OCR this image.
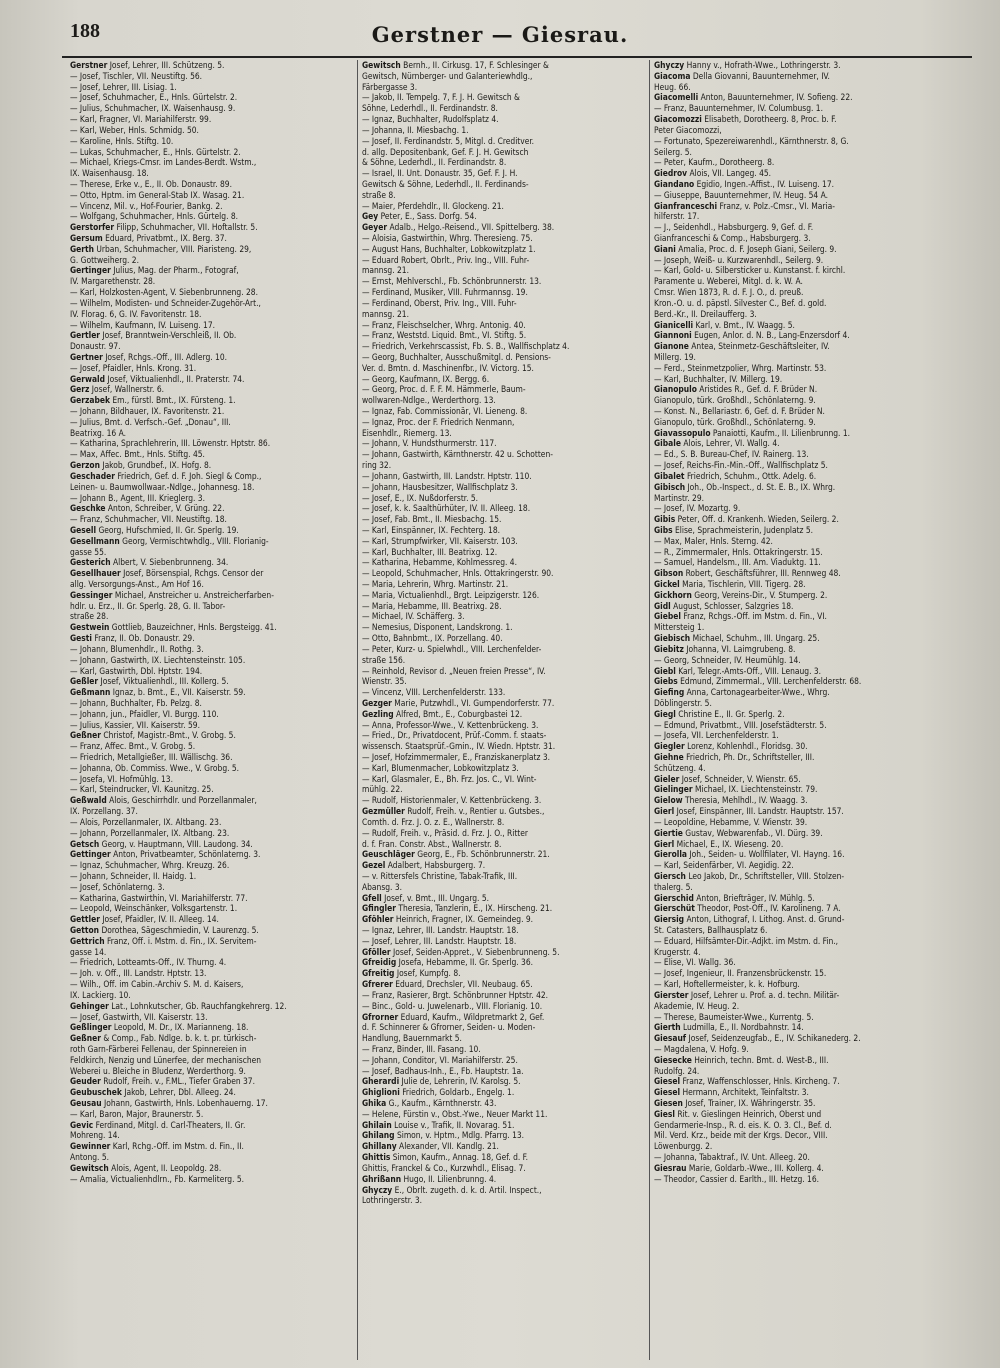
188	Gerstner — Giesrau.
Gerstner Josef, Lehrer, III. Schützeng. 5.
— Josef, Tischler, VII. Neustiftg. 56.
— Josef, Lehrer, III. Lisiag. 1.
— Josef, Schuhmacher, E., Hnls. Gürtelstr. 2.
— Julius, Schuhmacher, IX. Waisenhausg. 9.
— Karl, Fragner, VI. Mariahilferstr. 99.
— Karl, Weber, Hnls. Schmidg. 50.
— Karoline, Hnls. Stiftg. 10.
— Lukas, Schuhmacher, E., Hnls. Gürtelstr. 2.
— Michael, Kriegs-Cmsr. im Landes-Berdt. Wstm.,
IX. Waisenhausg. 18.
— Therese, Erke v., E., II. Ob. Donaustr. 89.
— Otto, Hptm. im General-Stab IX. Wasag. 21.
— Vincenz, Mil. v., Hof-Fourier, Bankg. 2.
— Wolfgang, Schuhmacher, Hnls. Gürtelg. 8.
Gerstorfer Filipp, Schuhmacher, VII. Hoftallstr. 5.
Gersum Eduard, Privatbmt., IX. Berg. 37.
Gerth Urban, Schuhmacher, VIII. Piaristeng. 29,
G. Gottweiherg. 2.
Gertinger Julius, Mag. der Pharm., Fotograf,
IV. Margarethenstr. 28.
— Karl, Holzkosten-Agent, V. Siebenbrunneng. 28.
— Wilhelm, Modisten- und Schneider-Zugehör-Art.,
IV. Florag. 6, G. IV. Favoritenstr. 18.
— Wilhelm, Kaufmann, IV. Luiseng. 17.
Gertler Josef, Branntwein-Verschleiß, II. Ob.
Donaustr. 97.
Gertner Josef, Rchgs.-Off., III. Adlerg. 10.
— Josef, Pfaidler, Hnls. Krong. 31.
Gerwald Josef, Viktualienhdl., II. Praterstr. 74.
Gerz Josef, Wallnerstr. 6.
Gerzabek Em., fürstl. Bmt., IX. Fürsteng. 1.
— Johann, Bildhauer, IX. Favoritenstr. 21.
— Julius, Bmt. d. Verfsch.-Gef. „Donau“, III.
Beatrixg. 16 A.
— Katharina, Sprachlehrerin, III. Löwenstr. Hptstr. 86.
— Max, Affec. Bmt., Hnls. Stiftg. 45.
Gerzon Jakob, Grundbef., IX. Hofg. 8.
Geschader Friedrich, Gef. d. F. Joh. Siegl & Comp.,
Leinen- u. Baumwollwaar.-Ndlge., Johannesg. 18.
— Johann B., Agent, III. Krieglerg. 3.
Geschke Anton, Schreiber, V. Grüng. 22.
— Franz, Schuhmacher, VII. Neustiftg. 18.
Gesell Georg, Hufschmied, II. Gr. Sperlg. 19.
Gesellmann Georg, Vermischtwhdlg., VIII. Florianig-
gasse 55.
Gesterich Albert, V. Siebenbrunneng. 34.
Gesellhauer Josef, Börsenspial, Rchgs. Censor der
allg. Versorgungs-Anst., Am Hof 16.
Gessinger Michael, Anstreicher u. Anstreicherfarben-
hdlr. u. Erz., II. Gr. Sperlg. 28, G. II. Tabor-
straße 28.
Gestwein Gottlieb, Bauzeichner, Hnls. Bergsteigg. 41.
Gesti Franz, II. Ob. Donaustr. 29.
— Johann, Blumenhdlr., II. Rothg. 3.
— Johann, Gastwirth, IX. Liechtensteinstr. 105.
— Karl, Gastwirth, Dbl. Hptstr. 194.
Geßler Josef, Viktualienhdl., III. Kollerg. 5.
Geßmann Ignaz, b. Bmt., E., VII. Kaiserstr. 59.
— Johann, Buchhalter, Fb. Pelzg. 8.
— Johann, jun., Pfaidler, VI. Burgg. 110.
— Julius, Kassier, VII. Kaiserstr. 59.
Geßner Christof, Magistr.-Bmt., V. Grobg. 5.
— Franz, Affec. Bmt., V. Grobg. 5.
— Friedrich, Metallgießer, III. Wällischg. 36.
— Johanna, Ob. Commiss. Wwe., V. Grobg. 5.
— Josefa, VI. Hofmühlg. 13.
— Karl, Steindrucker, VI. Kaunitzg. 25.
Geßwald Alois, Geschirrhdlr. und Porzellanmaler,
IX. Porzellang. 37.
— Alois, Porzellanmaler, IX. Altbang. 23.
— Johann, Porzellanmaler, IX. Altbang. 23.
Getsch Georg, v. Hauptmann, VIII. Laudong. 34.
Gettinger Anton, Privatbeamter, Schönlaterng. 3.
— Ignaz, Schuhmacher, Whrg. Kreuzg. 26.
— Johann, Schneider, II. Haidg. 1.
— Josef, Schönlaterng. 3.
— Katharina, Gastwirthin, VI. Mariahilferstr. 77.
— Leopold, Weinschänker, Volksgartenstr. 1.
Gettler Josef, Pfaidler, IV. II. Alleeg. 14.
Getton Dorothea, Sägeschmiedin, V. Laurenzg. 5.
Gettrich Franz, Off. i. Mstm. d. Fin., IX. Servitem-
gasse 14.
— Friedrich, Lotteamts-Off., IV. Thurng. 4.
— Joh. v. Off., III. Landstr. Hptstr. 13.
— Wilh., Off. im Cabin.-Archiv S. M. d. Kaisers,
IX. Lackierg. 10.
Gehinger Lat., Lohnkutscher, Gb. Rauchfangkehrerg. 12.
— Josef, Gastwirth, VII. Kaiserstr. 13.
Geßlinger Leopold, M. Dr., IX. Marianneng. 18.
Geßner & Comp., Fab. Ndlge. b. k. t. pr. türkisch-
roth Garn-Färberei Fellenau, der Spinnereien in
Feldkirch, Nenzig und Lünerfee, der mechanischen
Weberei u. Bleiche in Bludenz, Werderthorg. 9.
Geuder Rudolf, Freih. v., F.ML., Tiefer Graben 37.
Geubuschek Jakob, Lehrer, Dbl. Alleeg. 24.
Geusau Johann, Gastwirth, Hnls. Lobenhauerng. 17.
— Karl, Baron, Major, Braunerstr. 5.
Gevic Ferdinand, Mitgl. d. Carl-Theaters, II. Gr.
Mohreng. 14.
Gewinner Karl, Rchg.-Off. im Mstm. d. Fin., II.
Antong. 5.
Gewitsch Alois, Agent, II. Leopoldg. 28.
— Amalia, Victualienhdlrn., Fb. Karmeliterg. 5.
Gewitsch Bernh., II. Cirkusg. 17, F. Schlesinger &
Gewitsch, Nürnberger- und Galanteriewhdlg.,
Färbergasse 3.
— Jakob, II. Tempelg. 7, F. J. H. Gewitsch &
Söhne, Lederhdl., II. Ferdinandstr. 8.
— Ignaz, Buchhalter, Rudolfsplatz 4.
— Johanna, II. Miesbachg. 1.
— Josef, II. Ferdinandstr. 5, Mitgl. d. Creditver.
d. allg. Depositenbank, Gef. F. J. H. Gewitsch
& Söhne, Lederhdl., II. Ferdinandstr. 8.
— Israel, II. Unt. Donaustr. 35, Gef. F. J. H.
Gewitsch & Söhne, Lederhdl., II. Ferdinands-
straße 8.
— Maier, Pferdehdlr., II. Glockeng. 21.
Gey Peter, E., Sass. Dorfg. 54.
Geyer Adalb., Helgo.-Reisend., VII. Spittelberg. 38.
— Aloisia, Gastwirthin, Whrg. Theresieng. 75.
— August Hans, Buchhalter, Lobkowitzplatz 1.
— Eduard Robert, Obrlt., Priv. Ing., VIII. Fuhr-
mannsg. 21.
— Ernst, Mehlverschl., Fb. Schönbrunnerstr. 13.
— Ferdinand, Musiker, VIII. Fuhrmannsg. 19.
— Ferdinand, Oberst, Priv. Ing., VIII. Fuhr-
mannsg. 21.
— Franz, Fleischselcher, Whrg. Antonig. 40.
— Franz, Weststd. Liquid. Bmt., VI. Stiftg. 5.
— Friedrich, Verkehrscassist, Fb. S. B., Wallfischplatz 4.
— Georg, Buchhalter, Ausschußmitgl. d. Pensions-
Ver. d. Bmtn. d. Maschinenfbr., IV. Victorg. 15.
— Georg, Kaufmann, IX. Bergg. 6.
— Georg, Proc. d. F. F. M. Hämmerle, Baum-
wollwaren-Ndlge., Werderthorg. 13.
— Ignaz, Fab. Commissionär, VI. Lieneng. 8.
— Ignaz, Proc. der F. Friedrich Nenmann,
Eisenhdlr., Riemerg. 13.
— Johann, V. Hundsthurmerstr. 117.
— Johann, Gastwirth, Kärnthnerstr. 42 u. Schotten-
ring 32.
— Johann, Gastwirth, III. Landstr. Hptstr. 110.
— Johann, Hausbesitzer, Wallfischplatz 3.
— Josef, E., IX. Nußdorferstr. 5.
— Josef, k. k. Saalthürhüter, IV. II. Alleeg. 18.
— Josef, Fab. Bmt., II. Miesbachg. 15.
— Karl, Einspänner, IX. Fechterg. 18.
— Karl, Strumpfwirker, VII. Kaiserstr. 103.
— Karl, Buchhalter, III. Beatrixg. 12.
— Katharina, Hebamme, Kohlmessreg. 4.
— Leopold, Schuhmacher, Hnls. Ottakringerstr. 90.
— Maria, Lehrerin, Whrg. Martinstr. 21.
— Maria, Victualienhdl., Brgt. Leipzigerstr. 126.
— Maria, Hebamme, III. Beatrixg. 28.
— Michael, IV. Schäfferg. 3.
— Nemesius, Disponent, Landskrong. 1.
— Otto, Bahnbmt., IX. Porzellang. 40.
— Peter, Kurz- u. Spielwhdl., VIII. Lerchenfelder-
straße 156.
— Reinhold, Revisor d. „Neuen freien Presse“, IV.
Wienstr. 35.
— Vincenz, VIII. Lerchenfelderstr. 133.
Gezger Marie, Putzwhdl., VI. Gumpendorferstr. 77.
Gezling Alfred, Bmt., E., Coburgbastei 12.
— Anna, Professor-Wwe., V. Kettenbrückeng. 3.
— Fried., Dr., Privatdocent, Prüf.-Comm. f. staats-
wissensch. Staatsprüf.-Gmin., IV. Wiedn. Hptstr. 31.
— Josef, Hofzimmermaler, E., Franziskanerplatz 3.
— Karl, Blumenmacher, Lobkowitzplatz 3.
— Karl, Glasmaler, E., Bh. Frz. Jos. C., VI. Wint-
mühlg. 22.
— Rudolf, Historienmaler, V. Kettenbrückeng. 3.
Gezmüller Rudolf, Freih. v., Rentier u. Gutsbes.,
Comth. d. Frz. J. O. z. E., Wallnerstr. 8.
— Rudolf, Freih. v., Präsid. d. Frz. J. O., Ritter
d. f. Fran. Constr. Abst., Wallnerstr. 8.
Geuschläger Georg, E., Fb. Schönbrunnerstr. 21.
Gezel Adalbert, Habsburgerg. 7.
— v. Rittersfels Christine, Tabak-Trafik, III.
Abansg. 3.
Gfell Josef, v. Bmt., III. Ungarg. 5.
Gfingler Theresia, Tanzlerin, E., IX. Hirscheng. 21.
Gföhler Heinrich, Fragner, IX. Gemeindeg. 9.
— Ignaz, Lehrer, III. Landstr. Hauptstr. 18.
— Josef, Lehrer, III. Landstr. Hauptstr. 18.
Gföller Josef, Seiden-Appret., V. Siebenbrunneng. 5.
Gfreidig Josefa, Hebamme, II. Gr. Sperlg. 36.
Gfreitig Josef, Kumpfg. 8.
Gfrerer Eduard, Drechsler, VII. Neubaug. 65.
— Franz, Rasierer, Brgt. Schönbrunner Hptstr. 42.
— Binc., Gold- u. Juwelenarb., VIII. Florianig. 10.
Gfrorner Eduard, Kaufm., Wildpretmarkt 2, Gef.
d. F. Schinnerer & Gfrorner, Seiden- u. Moden-
Handlung, Bauernmarkt 5.
— Franz, Binder, III. Fasang. 10.
— Johann, Conditor, VI. Mariahilferstr. 25.
— Josef, Badhaus-Inh., E., Fb. Hauptstr. 1a.
Gherardi Julie de, Lehrerin, IV. Karolsg. 5.
Ghiglioni Friedrich, Goldarb., Engelg. 1.
Ghika G., Kaufm., Kärnthnerstr. 43.
— Helene, Fürstin v., Obst.-Ywe., Neuer Markt 11.
Ghilain Louise v., Trafik, II. Novarag. 51.
Ghilang Simon, v. Hptm., Mdlg. Pfarrg. 13.
Ghillany Alexander, VII. Kandlg. 21.
Ghittis Simon, Kaufm., Annag. 18, Gef. d. F.
Ghittis, Franckel & Co., Kurzwhdl., Elisag. 7.
Ghrißann Hugo, II. Lilienbrunng. 4.
Ghyczy E., Obrlt. zugeth. d. k. d. Artil. Inspect.,
Lothringerstr. 3.
Ghyczy Hanny v., Hofrath-Wwe., Lothringerstr. 3.
Giacoma Della Giovanni, Bauunternehmer, IV.
Heug. 66.
Giacomelli Anton, Bauunternehmer, IV. Sofieng. 22.
— Franz, Bauunternehmer, IV. Columbusg. 1.
Giacomozzi Elisabeth, Dorotheerg. 8, Proc. b. F.
Peter Giacomozzi,
— Fortunato, Spezereiwarenhdl., Kärnthnerstr. 8, G.
Seilerg. 5.
— Peter, Kaufm., Dorotheerg. 8.
Giedrov Alois, VII. Langeg. 45.
Giandano Egidio, Ingen.-Affist., IV. Luiseng. 17.
— Giuseppe, Bauunternehmer, IV. Heug. 54 A.
Gianfranceschi Franz, v. Polz.-Cmsr., VI. Maria-
hilferstr. 17.
— J., Seidenhdl., Habsburgerg. 9, Gef. d. F.
Gianfranceschi & Comp., Habsburgerg. 3.
Giani Amalia, Proc. d. F. Joseph Giani, Seilerg. 9.
— Joseph, Weiß- u. Kurzwarenhdl., Seilerg. 9.
— Karl, Gold- u. Silbersticker u. Kunstanst. f. kirchl.
Paramente u. Weberei, Mitgl. d. k. W. A.
Cmsr. Wien 1873, R. d. F. J. O., d. preuß.
Kron.-O. u. d. päpstl. Silvester C., Bef. d. gold.
Berd.-Kr., II. Dreilaufferg. 3.
Gianicelli Karl, v. Bmt., IV. Waagg. 5.
Giannoni Eugen, Anlor. d. N. B., Lang-Enzersdorf 4.
Gianone Antea, Steinmetz-Geschäftsleiter, IV.
Millerg. 19.
— Ferd., Steinmetzpolier, Whrg. Martinstr. 53.
— Karl, Buchhalter, IV. Millerg. 19.
Gianopulo Aristides R., Gef. d. F. Brüder N.
Gianopulo, türk. Großhdl., Schönlaterng. 9.
— Konst. N., Bellariastr. 6, Gef. d. F. Brüder N.
Gianopulo, türk. Großhdl., Schönlaterng. 9.
Giavassopulo Panaiotti, Kaufm., II. Lilienbrunng. 1.
Gibale Alois, Lehrer, VI. Wallg. 4.
— Ed., S. B. Bureau-Chef, IV. Rainerg. 13.
— Josef, Reichs-Fin.-Min.-Off., Wallfischplatz 5.
Gibalet Friedrich, Schuhm., Ottk. Adelg. 6.
Gibisch Joh., Ob.-Inspect., d. St. E. B., IX. Whrg.
Martinstr. 29.
— Josef, IV. Mozartg. 9.
Gibis Peter, Off. d. Krankenh. Wieden, Seilerg. 2.
Gibs Elise, Sprachmeisterin, Judenplatz 5.
— Max, Maler, Hnls. Sterng. 42.
— R., Zimmermaler, Hnls. Ottakringerstr. 15.
— Samuel, Handelsm., III. Am. Viaduktg. 11.
Gibson Robert, Geschäftsführer, III. Rennweg 48.
Gickel Maria, Tischlerin, VIII. Tigerg. 28.
Gickhorn Georg, Vereins-Dir., V. Stumperg. 2.
Gidl August, Schlosser, Salzgries 18.
Giebel Franz, Rchgs.-Off. im Mstm. d. Fin., VI.
Mittersteig 1.
Giebisch Michael, Schuhm., III. Ungarg. 25.
Giebitz Johanna, VI. Laimgrubeng. 8.
— Georg, Schneider, IV. Heumühlg. 14.
Giebl Karl, Telegr.-Amts-Off., VIII. Lenaug. 3.
Giebs Edmund, Zimmermal., VIII. Lerchenfelderstr. 68.
Giefing Anna, Cartonagearbeiter-Wwe., Whrg.
Döblingerstr. 5.
Giegl Christine E., II. Gr. Sperlg. 2.
— Edmund, Privatbmt., VIII. Josefstädterstr. 5.
— Josefa, VII. Lerchenfelderstr. 1.
Giegler Lorenz, Kohlenhdl., Floridsg. 30.
Giehne Friedrich, Ph. Dr., Schriftsteller, III.
Schützeng. 4.
Gieler Josef, Schneider, V. Wienstr. 65.
Gielinger Michael, IX. Liechtensteinstr. 79.
Gielow Theresia, Mehlhdl., IV. Waagg. 3.
Gierl Josef, Einspänner, III. Landstr. Hauptstr. 157.
— Leopoldine, Hebamme, V. Wienstr. 39.
Giertie Gustav, Webwarenfab., VI. Dürg. 39.
Gierl Michael, E., IX. Wieseng. 20.
Gierolla Joh., Seiden- u. Wollfilater, VI. Hayng. 16.
— Karl, Seidenfärber, VI. Aegidig. 22.
Giersch Leo Jakob, Dr., Schriftsteller, VIII. Stolzen-
thalerg. 5.
Gierschid Anton, Briefträger, IV. Mühlg. 5.
Gierschüt Theodor, Post-Off., IV. Karolineng. 7 A.
Giersig Anton, Lithograf, I. Lithog. Anst. d. Grund-
St. Catasters, Ballhausplatz 6.
— Eduard, Hilfsämter-Dir.-Adjkt. im Mstm. d. Fin.,
Krugerstr. 4.
— Elise, VI. Wallg. 36.
— Josef, Ingenieur, II. Franzensbrückenstr. 15.
— Karl, Hoftellermeister, k. k. Hofburg.
Gierster Josef, Lehrer u. Prof. a. d. techn. Militär-
Akademie, IV. Heug. 2.
— Therese, Baumeister-Wwe., Kurrentg. 5.
Gierth Ludmilla, E., II. Nordbahnstr. 14.
Giesauf Josef, Seidenzeugfab., E., IV. Schikanederg. 2.
— Magdalena, V. Hofg. 9.
Giesecke Heinrich, techn. Bmt. d. West-B., III.
Rudolfg. 24.
Giesel Franz, Waffenschlosser, Hnls. Kircheng. 7.
Giesel Hermann, Architekt, Teinfaltstr. 3.
Giesen Josef, Trainer, IX. Währingerstr. 35.
Giesl Rit. v. Gieslingen Heinrich, Oberst und
Gendarmerie-Insp., R. d. eis. K. O. 3. Cl., Bef. d.
Mil. Verd. Krz., beide mit der Krgs. Decor., VIII.
Löwenburgg. 2.
— Johanna, Tabaktraf., IV. Unt. Alleeg. 20.
Giesrau Marie, Goldarb.-Wwe., III. Kollerg. 4.
— Theodor, Cassier d. Earlth., III. Hetzg. 16.
